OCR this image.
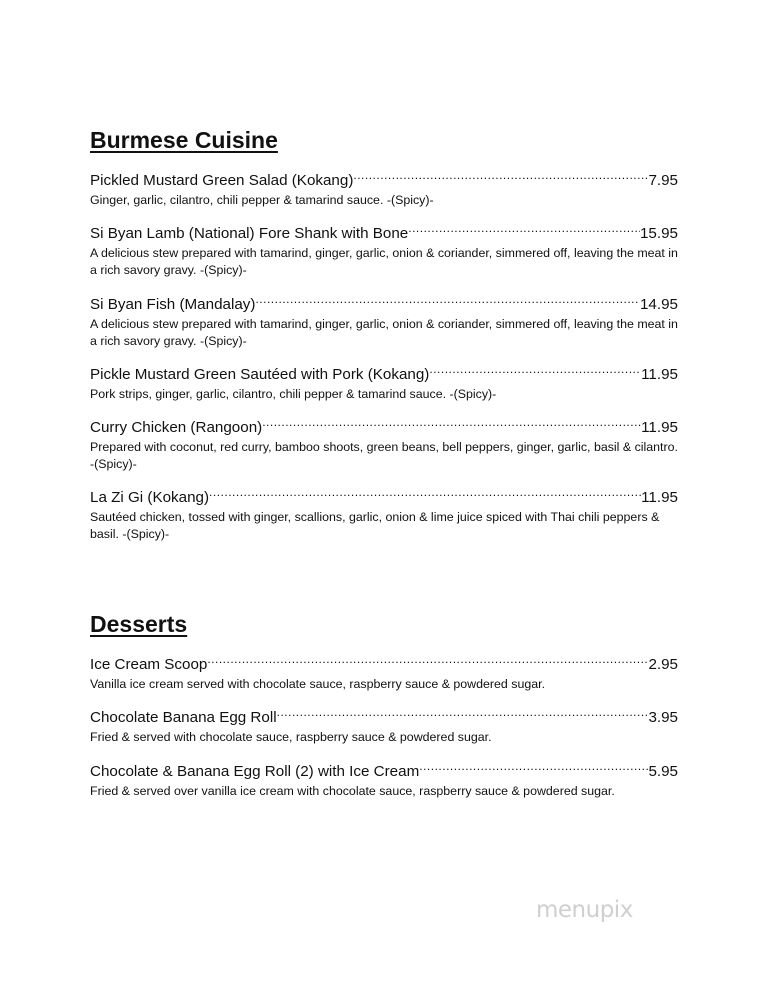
Burmese Cuisine
Pickled Mustard Green Salad (Kokang) .....	7.95
Ginger, garlic, cilantro, chili pepper & tamarind sauce. -(Spicy)-
Si Byan Lamb (National) Fore Shank with Bone .....	15.95
A delicious stew prepared with tamarind, ginger, garlic, onion & coriander, simmered off, leaving the meat in a rich savory gravy. -(Spicy)-
Si Byan Fish (Mandalay) .....	14.95
A delicious stew prepared with tamarind, ginger, garlic, onion & coriander, simmered off, leaving the meat in a rich savory gravy. -(Spicy)-
Pickle Mustard Green Sautéed with Pork (Kokang) .....	11.95
Pork strips, ginger, garlic, cilantro, chili pepper & tamarind sauce. -(Spicy)-
Curry Chicken (Rangoon) .....	11.95
Prepared with coconut, red curry, bamboo shoots, green beans, bell peppers, ginger, garlic, basil & cilantro. -(Spicy)-
La Zi Gi (Kokang) .....	11.95
Sautéed chicken, tossed with ginger, scallions, garlic, onion & lime juice spiced with Thai chili peppers & basil. -(Spicy)-
Desserts
Ice Cream Scoop .....	2.95
Vanilla ice cream served with chocolate sauce, raspberry sauce & powdered sugar.
Chocolate Banana Egg Roll .....	3.95
Fried & served with chocolate sauce, raspberry sauce & powdered sugar.
Chocolate & Banana Egg Roll (2) with Ice Cream .....	5.95
Fried & served over vanilla ice cream with chocolate sauce, raspberry sauce & powdered sugar.
menupix
